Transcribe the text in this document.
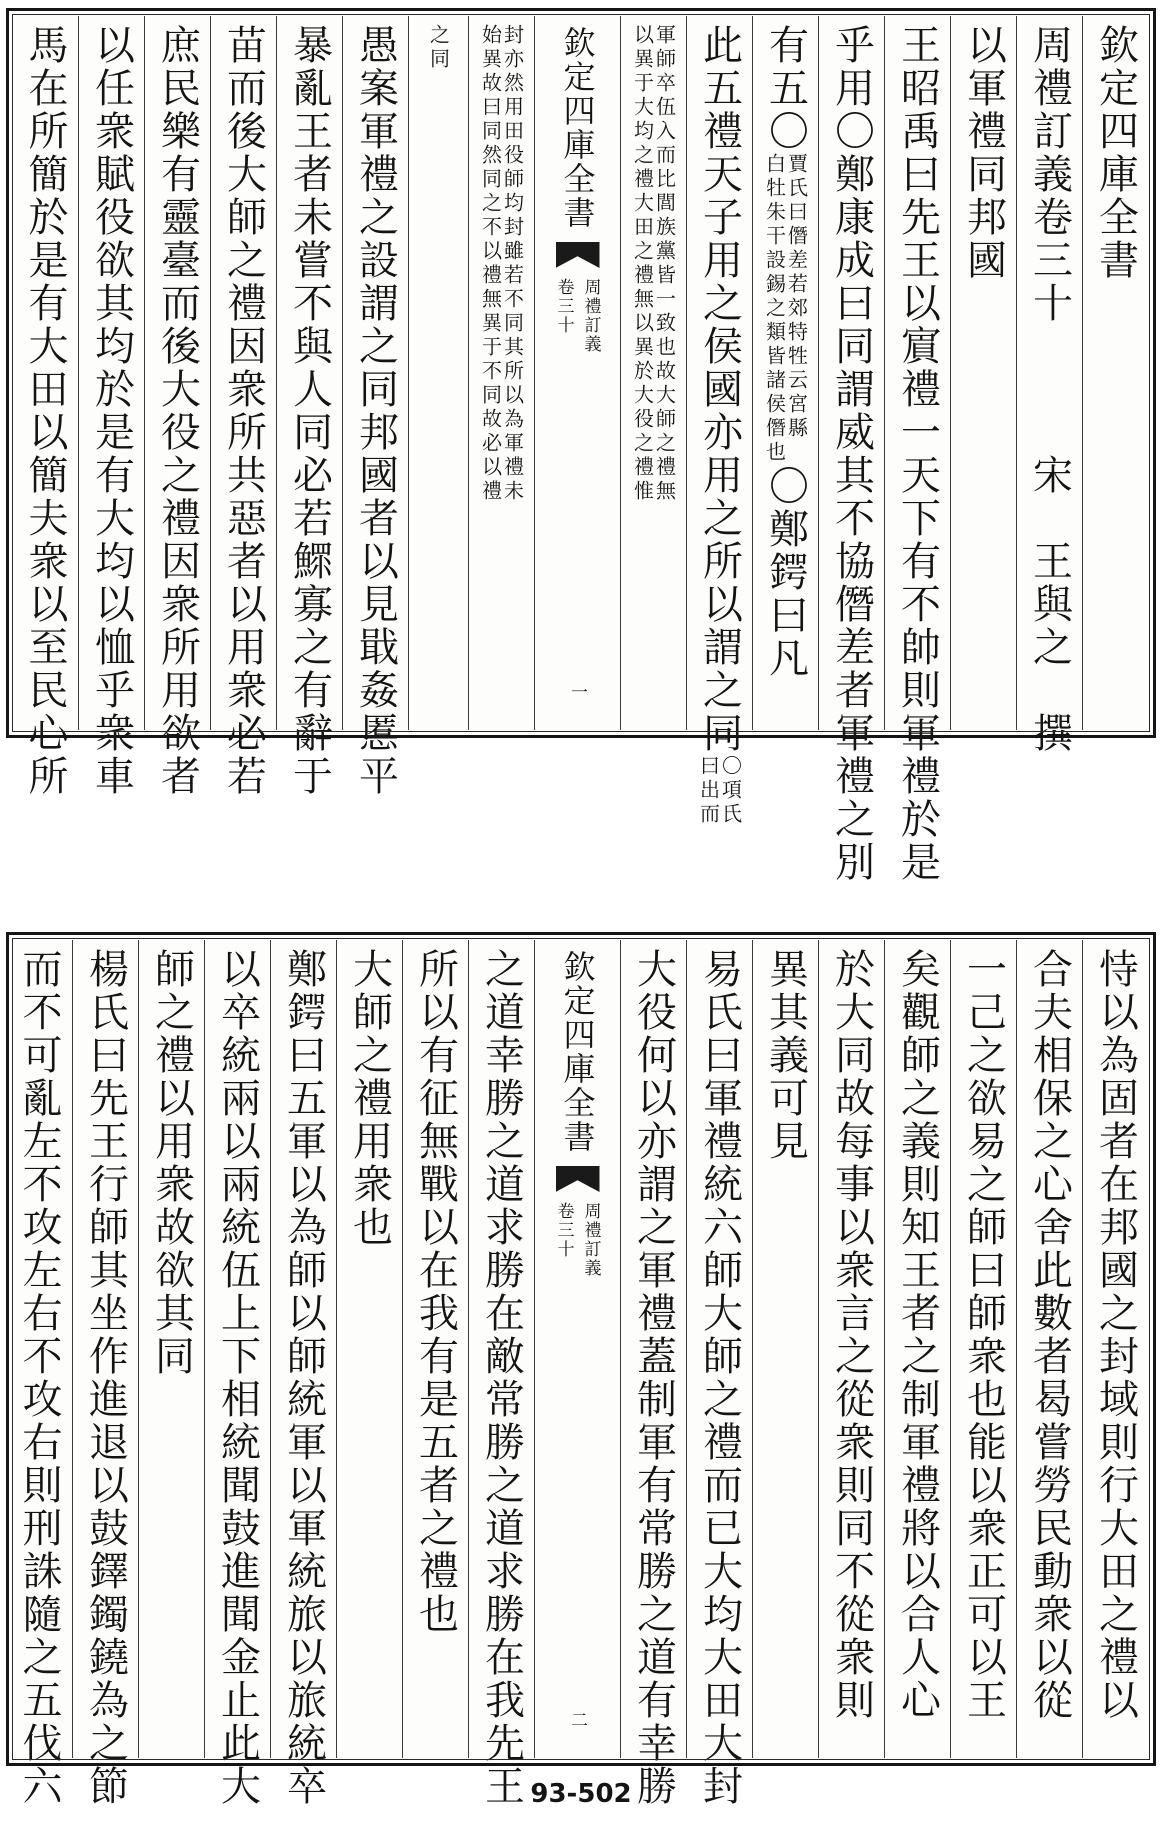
欽定四庫全書
周禮訂義卷三十　　　宋　王與之　撰
以軍禮同邦國
王昭禹曰先王以賔禮一天下有不帥則軍禮於是
乎用〇鄭康成曰同謂威其不協僭差者軍禮之別
有五〇
賈氏曰僭差若郊特牲云宮縣
白牡朱干設錫之類皆諸侯僭也
〇鄭鍔曰凡
此五禮天子用之侯國亦用之所以謂之同
〇項氏
曰出而
軍師卒伍入而比閭族黨皆一致也故大師之禮無
以異于大均之禮大田之禮無以異於大役之禮惟
欽定四庫全書
周禮訂義
卷三十
一
封亦然用田役師均封雖若不同其所以為軍禮未
始異故曰同然同之不以禮無異于不同故必以禮
之同
愚案軍禮之設謂之同邦國者以見戢姦慝平
暴亂王者未嘗不與人同必若鰥寡之有辭于
苗而後大師之禮因衆所共惡者以用衆必若
庶民樂有靈臺而後大役之禮因衆所用欲者
以任衆賦役欲其均於是有大均以恤乎衆車
馬在所簡於是有大田以簡夫衆以至民心所
恃以為固者在邦國之封域則行大田之禮以
合夫相保之心舍此數者曷嘗勞民動衆以從
一己之欲易之師曰師衆也能以衆正可以王
矣觀師之義則知王者之制軍禮將以合人心
於大同故每事以衆言之從衆則同不從衆則
異其義可見
易氏曰軍禮統六師大師之禮而已大均大田大封
大役何以亦謂之軍禮蓋制軍有常勝之道有幸勝
欽定四庫全書
周禮訂義
卷三十
二
之道幸勝之道求勝在敵常勝之道求勝在我先王
所以有征無戰以在我有是五者之禮也
大師之禮用衆也
鄭鍔曰五軍以為師以師統軍以軍統旅以旅統卒
以卒統兩以兩統伍上下相統聞鼓進聞金止此大
師之禮以用衆故欲其同
楊氏曰先王行師其坐作進退以鼓鐸鐲鐃為之節
而不可亂左不攻左右不攻右則刑誅隨之五伐六	93-502
